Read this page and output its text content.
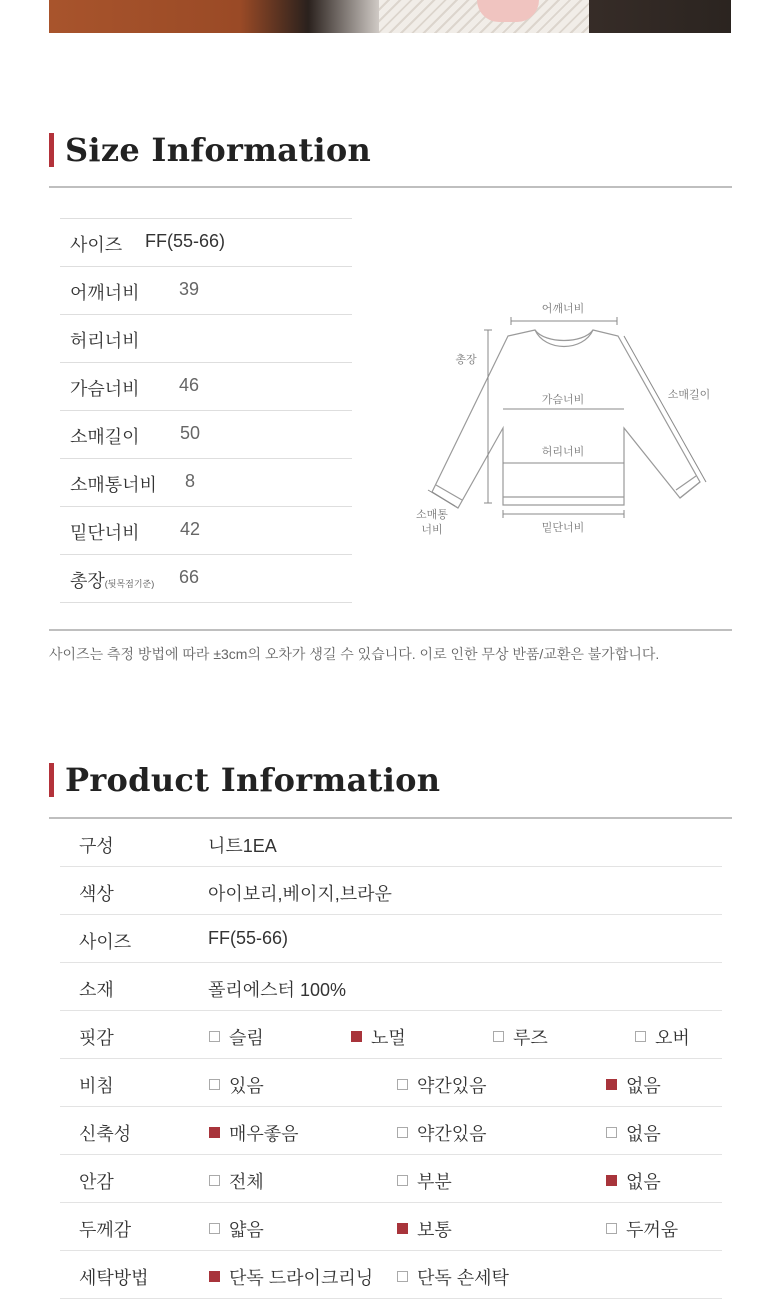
Size Information
사이즈 FF(55-66)
어깨너비 39
허리너비
가슴너비 46
소매길이 50
소매통너비 8
밑단너비 42
총장(뒷목점기준) 66
어깨너비
총장
가슴너비	소매길이
허리너비
소매통
너비	밑단너비
사이즈는 측정 방법에 따라 ±3cm의 오차가 생길 수 있습니다. 이로 인한 무상 반품/교환은 불가합니다.
Product Information
구성	니트1EA
색상	아이보리,베이지,브라운
사이즈	FF(55-66)
소재	폴리에스터 100%
핏감	슬림	노멀	루즈	오버
비침	있음	약간있음	없음
신축성	매우좋음	약간있음	없음
안감	전체	부분	없음
두께감	얇음	보통	두꺼움
세탁방법	단독 드라이크리닝	단독 손세탁
